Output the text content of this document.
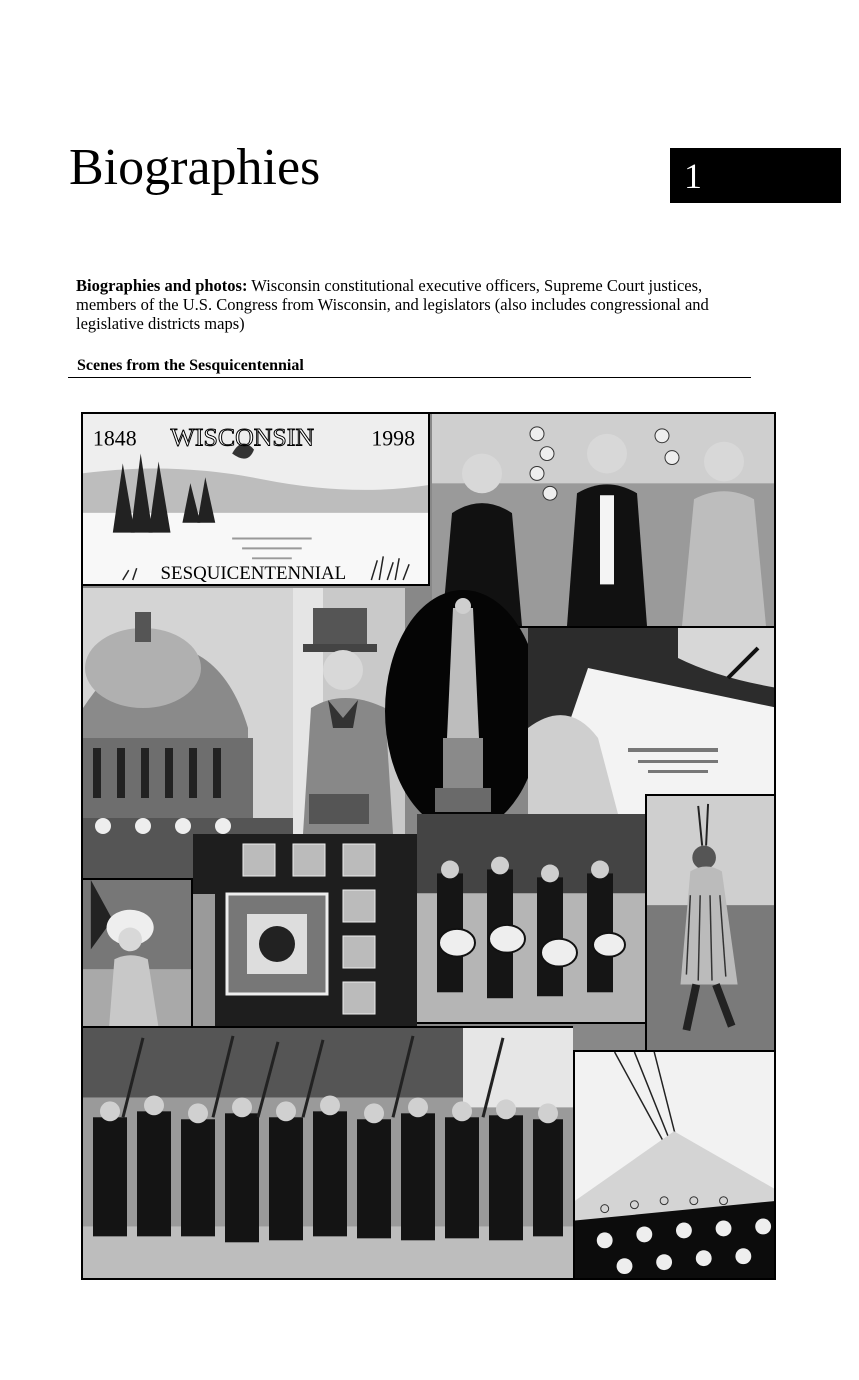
Biographies	1

Biographies and photos: Wisconsin constitutional executive officers, Supreme Court justices, members of the U.S. Congress from Wisconsin, and legislators (also includes congressional and legislative districts maps)

Scenes from the Sesquicentennial
1848 WISCONSIN	1998
SESQUICENTENNIAL
